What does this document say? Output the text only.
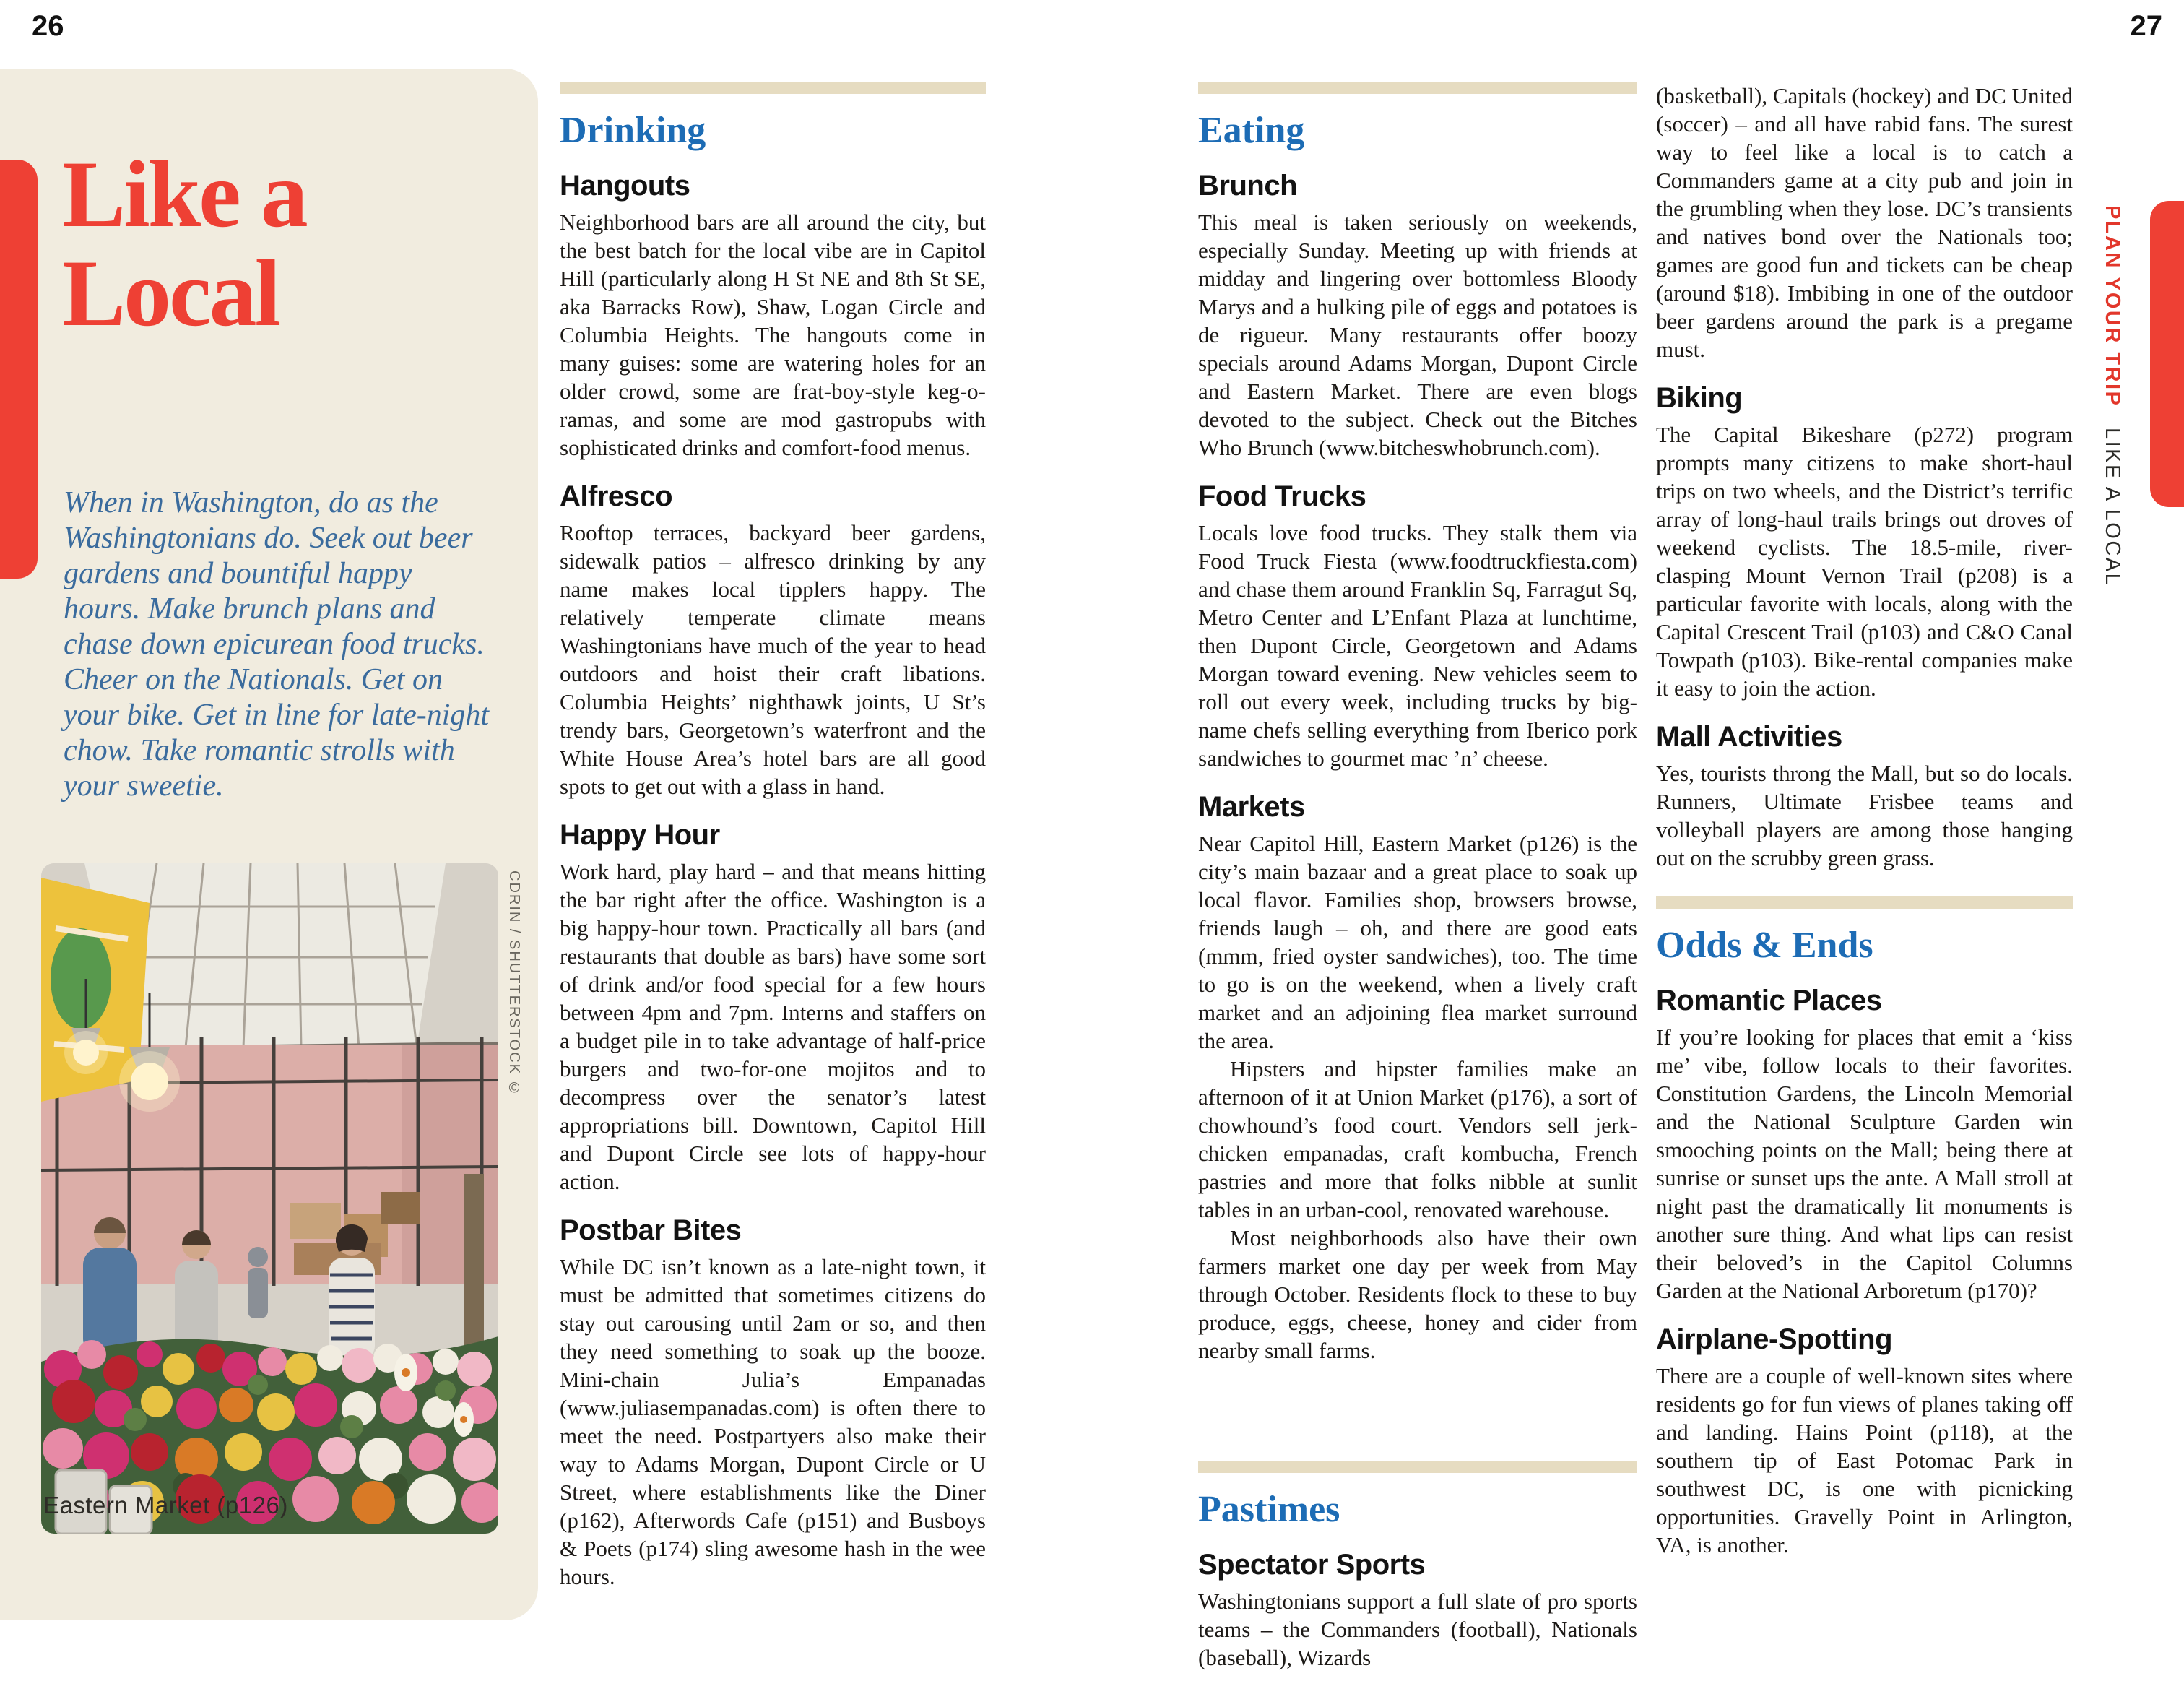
26	27
Like a
Local

When in Washington, do as the Washingtonians do. Seek out beer gardens and bountiful happy hours. Make brunch plans and chase down epicurean food trucks. Cheer on the Nationals. Get on your bike. Get in line for late-night chow. Take romantic strolls with your sweetie.

CDRIN / SHUTTERSTOCK ©
Eastern Market (p126)
Drinking
Hangouts

Neighborhood bars are all around the city, but the best batch for the local vibe are in Capitol Hill (particularly along H St NE and 8th St SE, aka Barracks Row), Shaw, Logan Circle and Columbia Heights. The hangouts come in many guises: some are watering holes for an older crowd, some are frat-boy-style keg-o-ramas, and some are mod gastropubs with sophisticated drinks and comfort-food menus.

Alfresco

Rooftop terraces, backyard beer gardens, sidewalk patios – alfresco drinking by any name makes local tipplers happy. The relatively temperate climate means Washingtonians have much of the year to head outdoors and hoist their craft libations. Columbia Heights’ nighthawk joints, U St’s trendy bars, Georgetown’s waterfront and the White House Area’s hotel bars are all good spots to get out with a glass in hand.

Happy Hour

Work hard, play hard – and that means hitting the bar right after the office. Washington is a big happy-hour town. Practically all bars (and restaurants that double as bars) have some sort of drink and/or food special for a few hours between 4pm and 7pm. Interns and staffers on a budget pile in to take advantage of half-price burgers and two-for-one mojitos and to decompress over the senator’s latest appropriations bill. Downtown, Capitol Hill and Dupont Circle see lots of happy-hour action.

Postbar Bites

While DC isn’t known as a late-night town, it must be admitted that sometimes citizens do stay out carousing until 2am or so, and then they need something to soak up the booze. Mini-chain Julia’s Empanadas (www.juliasempanadas.com) is often there to meet the need. Postpartyers also make their way to Adams Morgan, Dupont Circle or U Street, where establishments like the Diner (p162), Afterwords Cafe (p151) and Busboys & Poets (p174) sling awesome hash in the wee hours.

Eating
Brunch

This meal is taken seriously on weekends, especially Sunday. Meeting up with friends at midday and lingering over bottomless Bloody Marys and a hulking pile of eggs and potatoes is de rigueur. Many restaurants offer boozy specials around Adams Morgan, Dupont Circle and Eastern Market. There are even blogs devoted to the subject. Check out the Bitches Who Brunch (www.bitcheswhobrunch.com).

Food Trucks

Locals love food trucks. They stalk them via Food Truck Fiesta (www.foodtruckfiesta.com) and chase them around Franklin Sq, Farragut Sq, Metro Center and L’Enfant Plaza at lunchtime, then Dupont Circle, Georgetown and Adams Morgan toward evening. New vehicles seem to roll out every week, including trucks by big-name chefs selling everything from Iberico pork sandwiches to gourmet mac ’n’ cheese.

Markets

Near Capitol Hill, Eastern Market (p126) is the city’s main bazaar and a great place to soak up local flavor. Families shop, browsers browse, friends laugh – oh, and there are good eats (mmm, fried oyster sandwiches), too. The time to go is on the weekend, when a lively craft market and an adjoining flea market surround the area.

Hipsters and hipster families make an afternoon of it at Union Market (p176), a sort of chowhound’s food court. Vendors sell jerk-chicken empanadas, craft kombucha, French pastries and more that folks nibble at sunlit tables in an urban-cool, renovated warehouse.

Most neighborhoods also have their own farmers market one day per week from May through October. Residents flock to these to buy produce, eggs, cheese, honey and cider from nearby small farms.

Pastimes
Spectator Sports

Washingtonians support a full slate of pro sports teams – the Commanders (football), Nationals (baseball), Wizards

(basketball), Capitals (hockey) and DC United (soccer) – and all have rabid fans. The surest way to feel like a local is to catch a Commanders game at a city pub and join in the grumbling when they lose. DC’s transients and natives bond over the Nationals too; games are good fun and tickets can be cheap (around $18). Imbibing in one of the outdoor beer gardens around the park is a pregame must.

Biking

The Capital Bikeshare (p272) program prompts many citizens to make short-haul trips on two wheels, and the District’s terrific array of long-haul trails brings out droves of weekend cyclists. The 18.5-mile, river-clasping Mount Vernon Trail (p208) is a particular favorite with locals, along with the Capital Crescent Trail (p103) and C&O Canal Towpath (p103). Bike-rental companies make it easy to join the action.

Mall Activities

Yes, tourists throng the Mall, but so do locals. Runners, Ultimate Frisbee teams and volleyball players are among those hanging out on the scrubby green grass.

Odds & Ends
Romantic Places

If you’re looking for places that emit a ‘kiss me’ vibe, follow locals to their favorites. Constitution Gardens, the Lincoln Memorial and the National Sculpture Garden win smooching points on the Mall; being there at sunrise or sunset ups the ante. A Mall stroll at night past the dramatically lit monuments is another sure thing. And what lips can resist their beloved’s in the Capitol Columns Garden at the National Arboretum (p170)?

Airplane-Spotting

There are a couple of well-known sites where residents go for fun views of planes taking off and landing. Hains Point (p118), at the southern tip of East Potomac Park in southwest DC, is one with picnicking opportunities. Gravelly Point in Arlington, VA, is another.

PLAN YOUR TRIP LIKE A LOCAL
